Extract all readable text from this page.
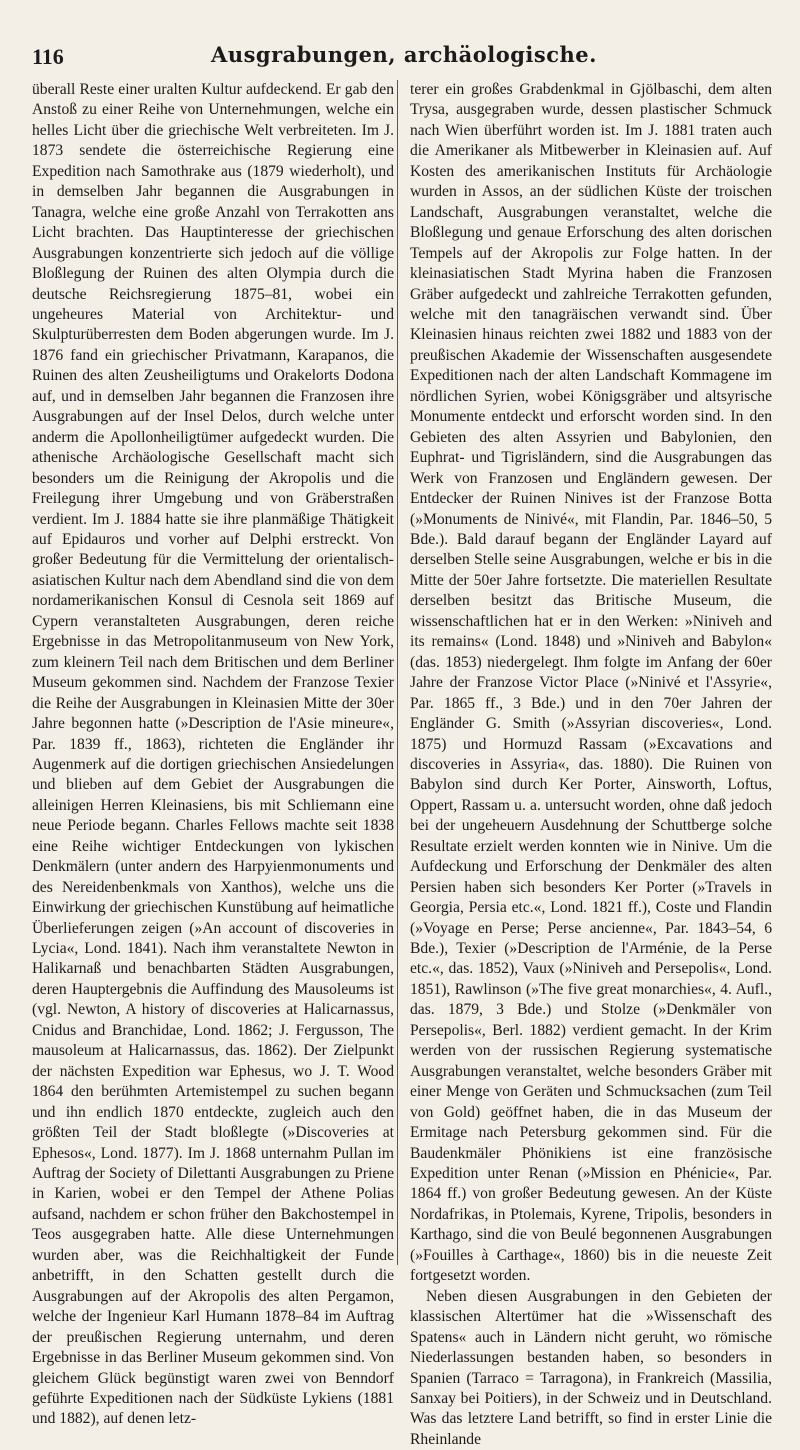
116	Ausgrabungen, archäologische.

überall Reste einer uralten Kultur aufdeckend. Er gab den Anstoß zu einer Reihe von Unternehmungen, welche ein helles Licht über die griechische Welt verbreiteten. Im J. 1873 sendete die österreichische Regierung eine Expedition nach Samothrake aus (1879 wiederholt), und in demselben Jahr begannen die Ausgrabungen in Tanagra, welche eine große Anzahl von Terrakotten ans Licht brachten. Das Hauptinteresse der griechischen Ausgrabungen konzentrierte sich jedoch auf die völlige Bloßlegung der Ruinen des alten Olympia durch die deutsche Reichsregierung 1875–81, wobei ein ungeheures Material von Architektur- und Skulpturüberresten dem Boden abgerungen wurde. Im J. 1876 fand ein griechischer Privatmann, Karapanos, die Ruinen des alten Zeusheiligtums und Orakelorts Dodona auf, und in demselben Jahr begannen die Franzosen ihre Ausgrabungen auf der Insel Delos, durch welche unter anderm die Apollonheiligtümer aufgedeckt wurden. Die athenische Archäologische Gesellschaft macht sich besonders um die Reinigung der Akropolis und die Freilegung ihrer Umgebung und von Gräberstraßen verdient. Im J. 1884 hatte sie ihre planmäßige Thätigkeit auf Epidauros und vorher auf Delphi erstreckt. Von großer Bedeutung für die Vermittelung der orientalisch-asiatischen Kultur nach dem Abendland sind die von dem nordamerikanischen Konsul di Cesnola seit 1869 auf Cypern veranstalteten Ausgrabungen, deren reiche Ergebnisse in das Metropolitanmuseum von New York, zum kleinern Teil nach dem Britischen und dem Berliner Museum gekommen sind. Nachdem der Franzose Texier die Reihe der Ausgrabungen in Kleinasien Mitte der 30er Jahre begonnen hatte (»Description de l'Asie mineure«, Par. 1839 ff., 1863), richteten die Engländer ihr Augenmerk auf die dortigen griechischen Ansiedelungen und blieben auf dem Gebiet der Ausgrabungen die alleinigen Herren Kleinasiens, bis mit Schliemann eine neue Periode begann. Charles Fellows machte seit 1838 eine Reihe wichtiger Entdeckungen von lykischen Denkmälern (unter andern des Harpyienmonuments und des Nereidenbenkmals von Xanthos), welche uns die Einwirkung der griechischen Kunstübung auf heimatliche Überlieferungen zeigen (»An account of discoveries in Lycia«, Lond. 1841). Nach ihm veranstaltete Newton in Halikarnaß und benachbarten Städten Ausgrabungen, deren Hauptergebnis die Auffindung des Mausoleums ist (vgl. Newton, A history of discoveries at Halicarnassus, Cnidus and Branchidae, Lond. 1862; J. Fergusson, The mausoleum at Halicarnassus, das. 1862). Der Zielpunkt der nächsten Expedition war Ephesus, wo J. T. Wood 1864 den berühmten Artemistempel zu suchen begann und ihn endlich 1870 entdeckte, zugleich auch den größten Teil der Stadt bloßlegte (»Discoveries at Ephesos«, Lond. 1877). Im J. 1868 unternahm Pullan im Auftrag der Society of Dilettanti Ausgrabungen zu Priene in Karien, wobei er den Tempel der Athene Polias aufsand, nachdem er schon früher den Bakchostempel in Teos ausgegraben hatte. Alle diese Unternehmungen wurden aber, was die Reichhaltigkeit der Funde anbetrifft, in den Schatten gestellt durch die Ausgrabungen auf der Akropolis des alten Pergamon, welche der Ingenieur Karl Humann 1878–84 im Auftrag der preußischen Regierung unternahm, und deren Ergebnisse in das Berliner Museum gekommen sind. Von gleichem Glück begünstigt waren zwei von Benndorf geführte Expeditionen nach der Südküste Lykiens (1881 und 1882), auf denen letz-

terer ein großes Grabdenkmal in Gjölbaschi, dem alten Trysa, ausgegraben wurde, dessen plastischer Schmuck nach Wien überführt worden ist. Im J. 1881 traten auch die Amerikaner als Mitbewerber in Kleinasien auf. Auf Kosten des amerikanischen Instituts für Archäologie wurden in Assos, an der südlichen Küste der troischen Landschaft, Ausgrabungen veranstaltet, welche die Bloßlegung und genaue Erforschung des alten dorischen Tempels auf der Akropolis zur Folge hatten. In der kleinasiatischen Stadt Myrina haben die Franzosen Gräber aufgedeckt und zahlreiche Terrakotten gefunden, welche mit den tanagräischen verwandt sind. Über Kleinasien hinaus reichten zwei 1882 und 1883 von der preußischen Akademie der Wissenschaften ausgesendete Expeditionen nach der alten Landschaft Kommagene im nördlichen Syrien, wobei Königsgräber und altsyrische Monumente entdeckt und erforscht worden sind. In den Gebieten des alten Assyrien und Babylonien, den Euphrat- und Tigrisländern, sind die Ausgrabungen das Werk von Franzosen und Engländern gewesen. Der Entdecker der Ruinen Ninives ist der Franzose Botta (»Monuments de Ninivé«, mit Flandin, Par. 1846–50, 5 Bde.). Bald darauf begann der Engländer Layard auf derselben Stelle seine Ausgrabungen, welche er bis in die Mitte der 50er Jahre fortsetzte. Die materiellen Resultate derselben besitzt das Britische Museum, die wissenschaftlichen hat er in den Werken: »Niniveh and its remains« (Lond. 1848) und »Niniveh and Babylon« (das. 1853) niedergelegt. Ihm folgte im Anfang der 60er Jahre der Franzose Victor Place (»Ninivé et l'Assyrie«, Par. 1865 ff., 3 Bde.) und in den 70er Jahren der Engländer G. Smith (»Assyrian discoveries«, Lond. 1875) und Hormuzd Rassam (»Excavations and discoveries in Assyria«, das. 1880). Die Ruinen von Babylon sind durch Ker Porter, Ainsworth, Loftus, Oppert, Rassam u. a. untersucht worden, ohne daß jedoch bei der ungeheuern Ausdehnung der Schuttberge solche Resultate erzielt werden konnten wie in Ninive. Um die Aufdeckung und Erforschung der Denkmäler des alten Persien haben sich besonders Ker Porter (»Travels in Georgia, Persia etc.«, Lond. 1821 ff.), Coste und Flandin (»Voyage en Perse; Perse ancienne«, Par. 1843–54, 6 Bde.), Texier (»Description de l'Arménie, de la Perse etc.«, das. 1852), Vaux (»Niniveh and Persepolis«, Lond. 1851), Rawlinson (»The five great monarchies«, 4. Aufl., das. 1879, 3 Bde.) und Stolze (»Denkmäler von Persepolis«, Berl. 1882) verdient gemacht. In der Krim werden von der russischen Regierung systematische Ausgrabungen veranstaltet, welche besonders Gräber mit einer Menge von Geräten und Schmucksachen (zum Teil von Gold) geöffnet haben, die in das Museum der Ermitage nach Petersburg gekommen sind. Für die Baudenkmäler Phönikiens ist eine französische Expedition unter Renan (»Mission en Phénicie«, Par. 1864 ff.) von großer Bedeutung gewesen. An der Küste Nordafrikas, in Ptolemais, Kyrene, Tripolis, besonders in Karthago, sind die von Beulé begonnenen Ausgrabungen (»Fouilles à Carthage«, 1860) bis in die neueste Zeit fortgesetzt worden.

Neben diesen Ausgrabungen in den Gebieten der klassischen Altertümer hat die »Wissenschaft des Spatens« auch in Ländern nicht geruht, wo römische Niederlassungen bestanden haben, so besonders in Spanien (Tarraco = Tarragona), in Frankreich (Massilia, Sanxay bei Poitiers), in der Schweiz und in Deutschland. Was das letztere Land betrifft, so find in erster Linie die Rheinlande
